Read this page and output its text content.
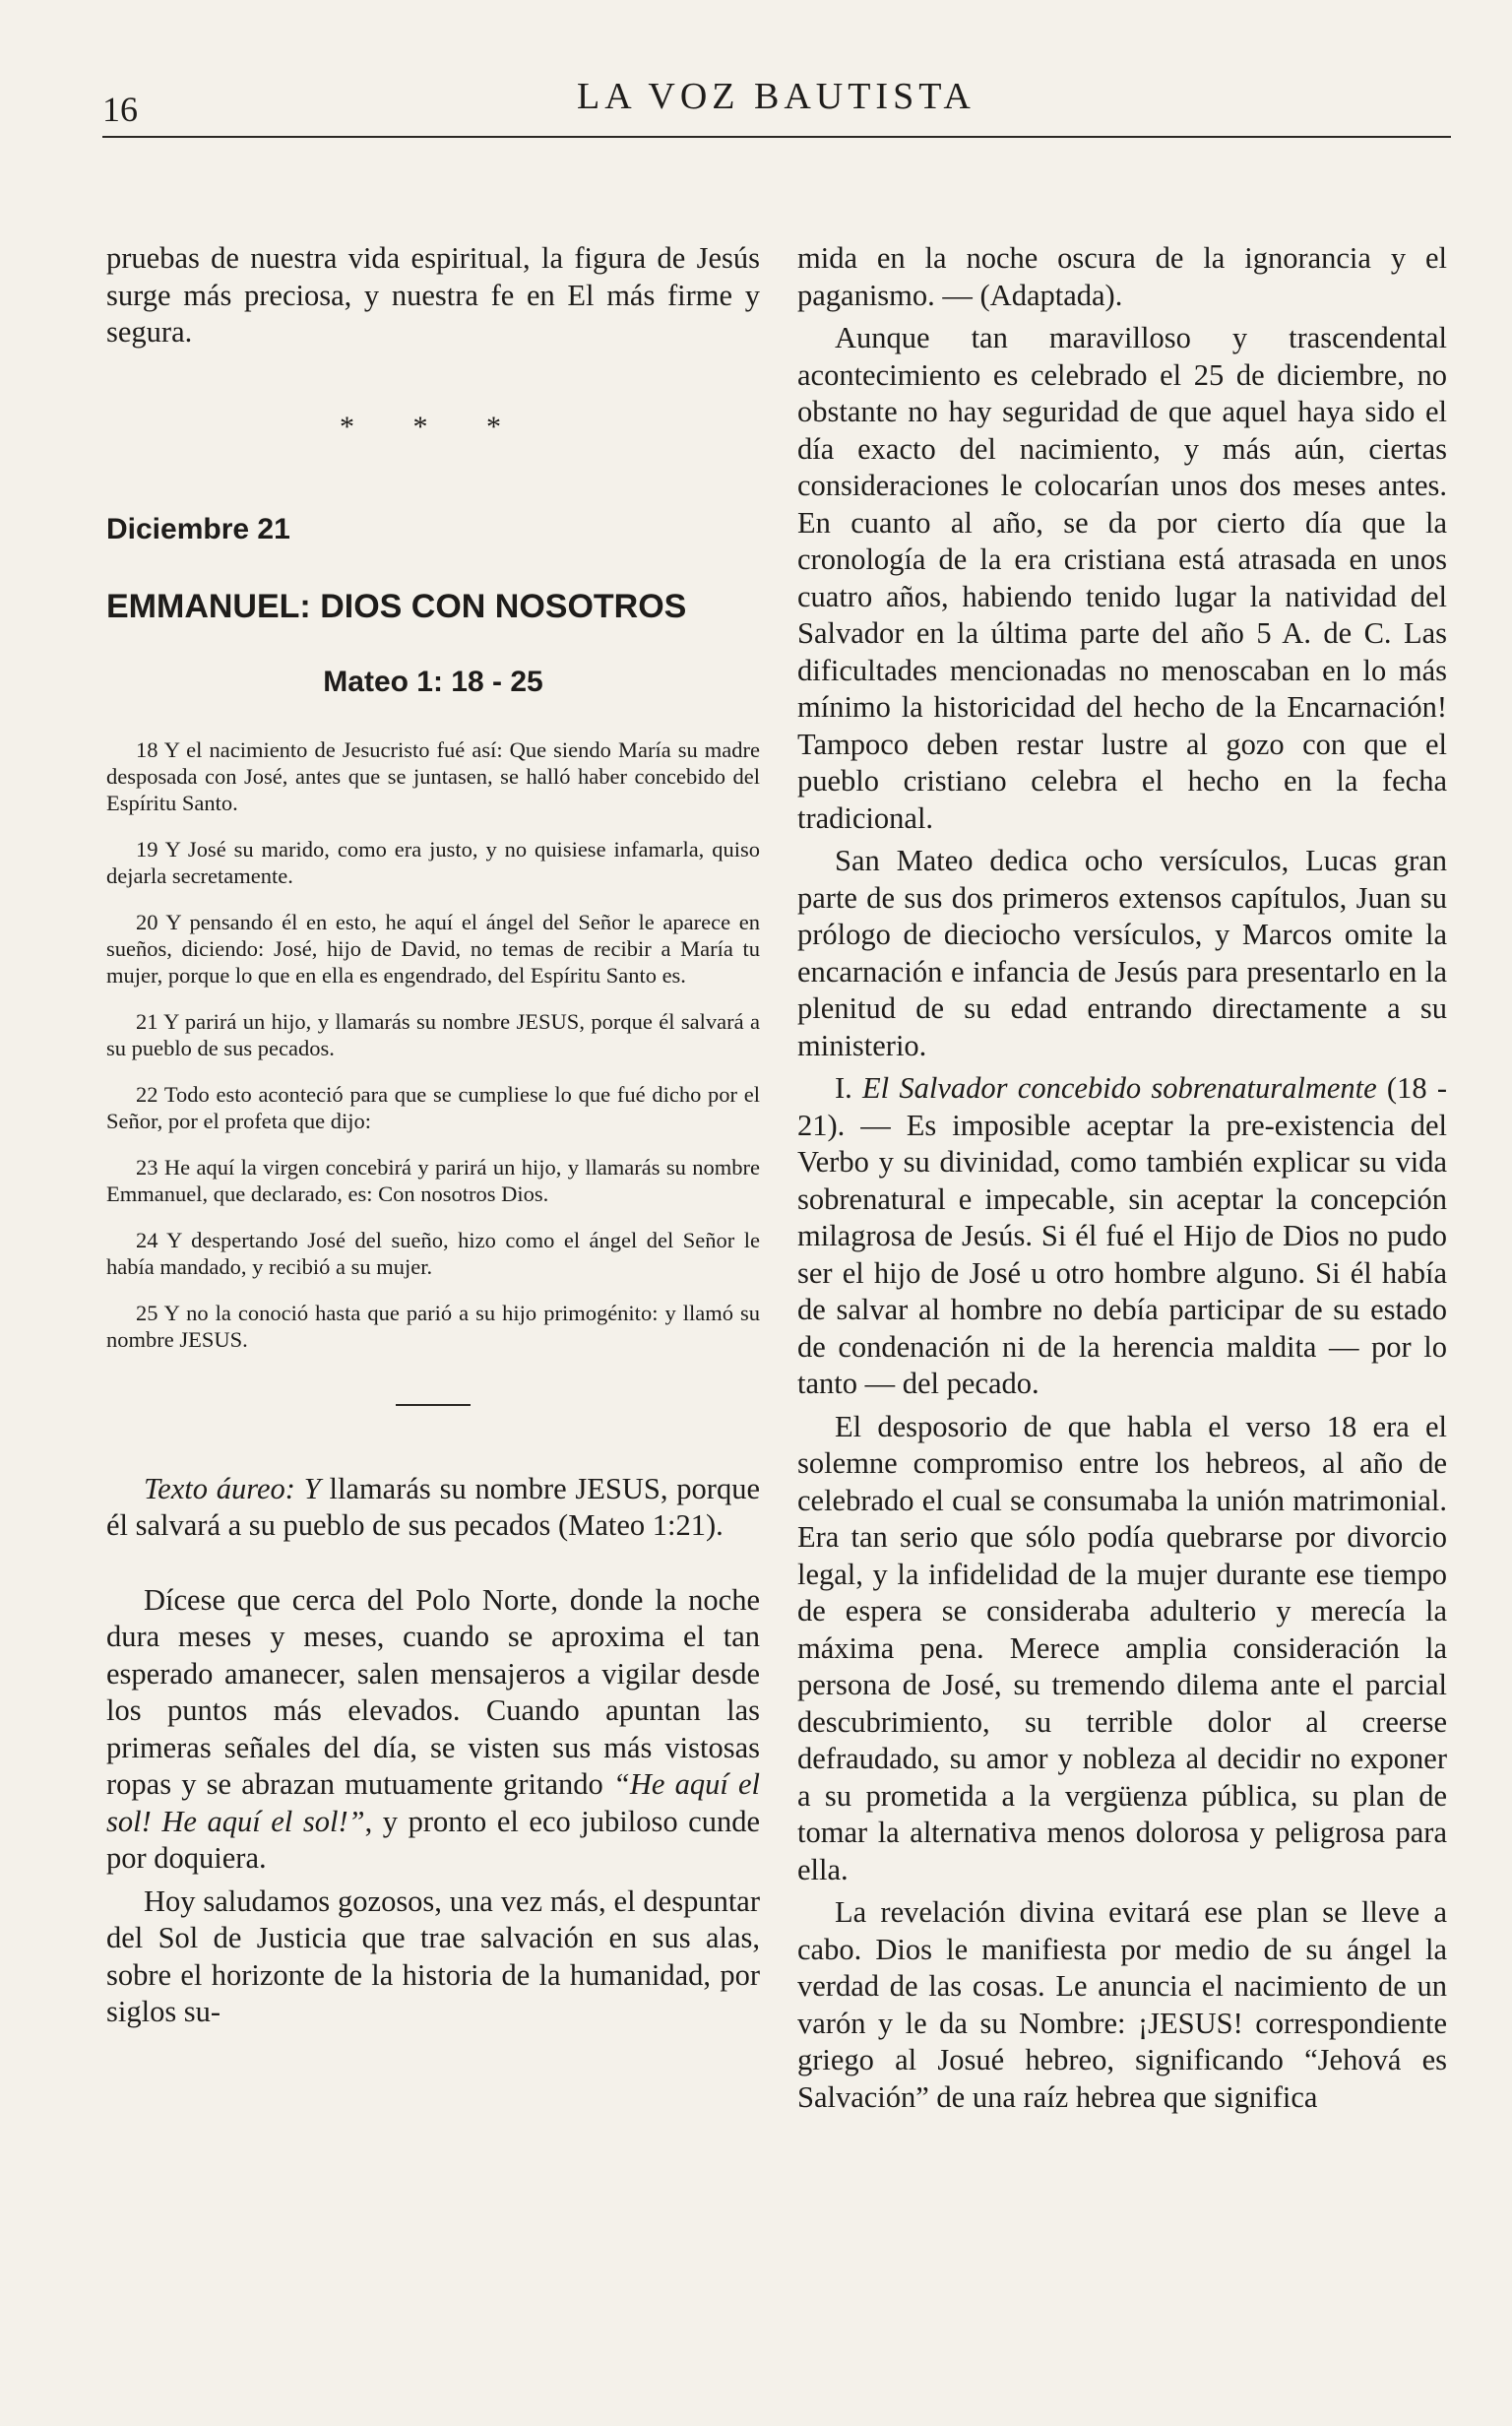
16	LA VOZ BAUTISTA

pruebas de nuestra vida espiritual, la figura de Jesús surge más preciosa, y nuestra fe en El más firme y segura.

* * *
Diciembre 21
EMMANUEL: DIOS CON NOSOTROS
Mateo 1: 18 - 25

18 Y el nacimiento de Jesucristo fué así: Que siendo María su madre desposada con José, antes que se juntasen, se halló haber concebido del Espíritu Santo.

19 Y José su marido, como era justo, y no quisiese infamarla, quiso dejarla secretamente.

20 Y pensando él en esto, he aquí el ángel del Señor le aparece en sueños, diciendo: José, hijo de David, no temas de recibir a María tu mujer, porque lo que en ella es engendrado, del Espíritu Santo es.

21 Y parirá un hijo, y llamarás su nombre JESUS, porque él salvará a su pueblo de sus pecados.

22 Todo esto aconteció para que se cumpliese lo que fué dicho por el Señor, por el profeta que dijo:

23 He aquí la virgen concebirá y parirá un hijo, y llamarás su nombre Emmanuel, que declarado, es: Con nosotros Dios.

24 Y despertando José del sueño, hizo como el ángel del Señor le había mandado, y recibió a su mujer.

25 Y no la conoció hasta que parió a su hijo primogénito: y llamó su nombre JESUS.

Texto áureo: Y llamarás su nombre JESUS, porque él salvará a su pueblo de sus pecados (Mateo 1:21).

Dícese que cerca del Polo Norte, donde la noche dura meses y meses, cuando se aproxima el tan esperado amanecer, salen mensajeros a vigilar desde los puntos más elevados. Cuando apuntan las primeras señales del día, se visten sus más vistosas ropas y se abrazan mutuamente gritando “He aquí el sol! He aquí el sol!”, y pronto el eco jubiloso cunde por doquiera.

Hoy saludamos gozosos, una vez más, el despuntar del Sol de Justicia que trae salvación en sus alas, sobre el horizonte de la historia de la humanidad, por siglos su-

mida en la noche oscura de la ignorancia y el paganismo. — (Adaptada).

Aunque tan maravilloso y trascendental acontecimiento es celebrado el 25 de diciembre, no obstante no hay seguridad de que aquel haya sido el día exacto del nacimiento, y más aún, ciertas consideraciones le colocarían unos dos meses antes. En cuanto al año, se da por cierto día que la cronología de la era cristiana está atrasada en unos cuatro años, habiendo tenido lugar la natividad del Salvador en la última parte del año 5 A. de C. Las dificultades mencionadas no menoscaban en lo más mínimo la historicidad del hecho de la Encarnación! Tampoco deben restar lustre al gozo con que el pueblo cristiano celebra el hecho en la fecha tradicional.

San Mateo dedica ocho versículos, Lucas gran parte de sus dos primeros extensos capítulos, Juan su prólogo de dieciocho versículos, y Marcos omite la encarnación e infancia de Jesús para presentarlo en la plenitud de su edad entrando directamente a su ministerio.

I. El Salvador concebido sobrenaturalmente (18 - 21). — Es imposible aceptar la pre-existencia del Verbo y su divinidad, como también explicar su vida sobrenatural e impecable, sin aceptar la concepción milagrosa de Jesús. Si él fué el Hijo de Dios no pudo ser el hijo de José u otro hombre alguno. Si él había de salvar al hombre no debía participar de su estado de condenación ni de la herencia maldita — por lo tanto — del pecado.

El desposorio de que habla el verso 18 era el solemne compromiso entre los hebreos, al año de celebrado el cual se consumaba la unión matrimonial. Era tan serio que sólo podía quebrarse por divorcio legal, y la infidelidad de la mujer durante ese tiempo de espera se consideraba adulterio y merecía la máxima pena. Merece amplia consideración la persona de José, su tremendo dilema ante el parcial descubrimiento, su terrible dolor al creerse defraudado, su amor y nobleza al decidir no exponer a su prometida a la vergüenza pública, su plan de tomar la alternativa menos dolorosa y peligrosa para ella.

La revelación divina evitará ese plan se lleve a cabo. Dios le manifiesta por medio de su ángel la verdad de las cosas. Le anuncia el nacimiento de un varón y le da su Nombre: ¡JESUS! correspondiente griego al Josué hebreo, significando “Jehová es Salvación” de una raíz hebrea que significa
